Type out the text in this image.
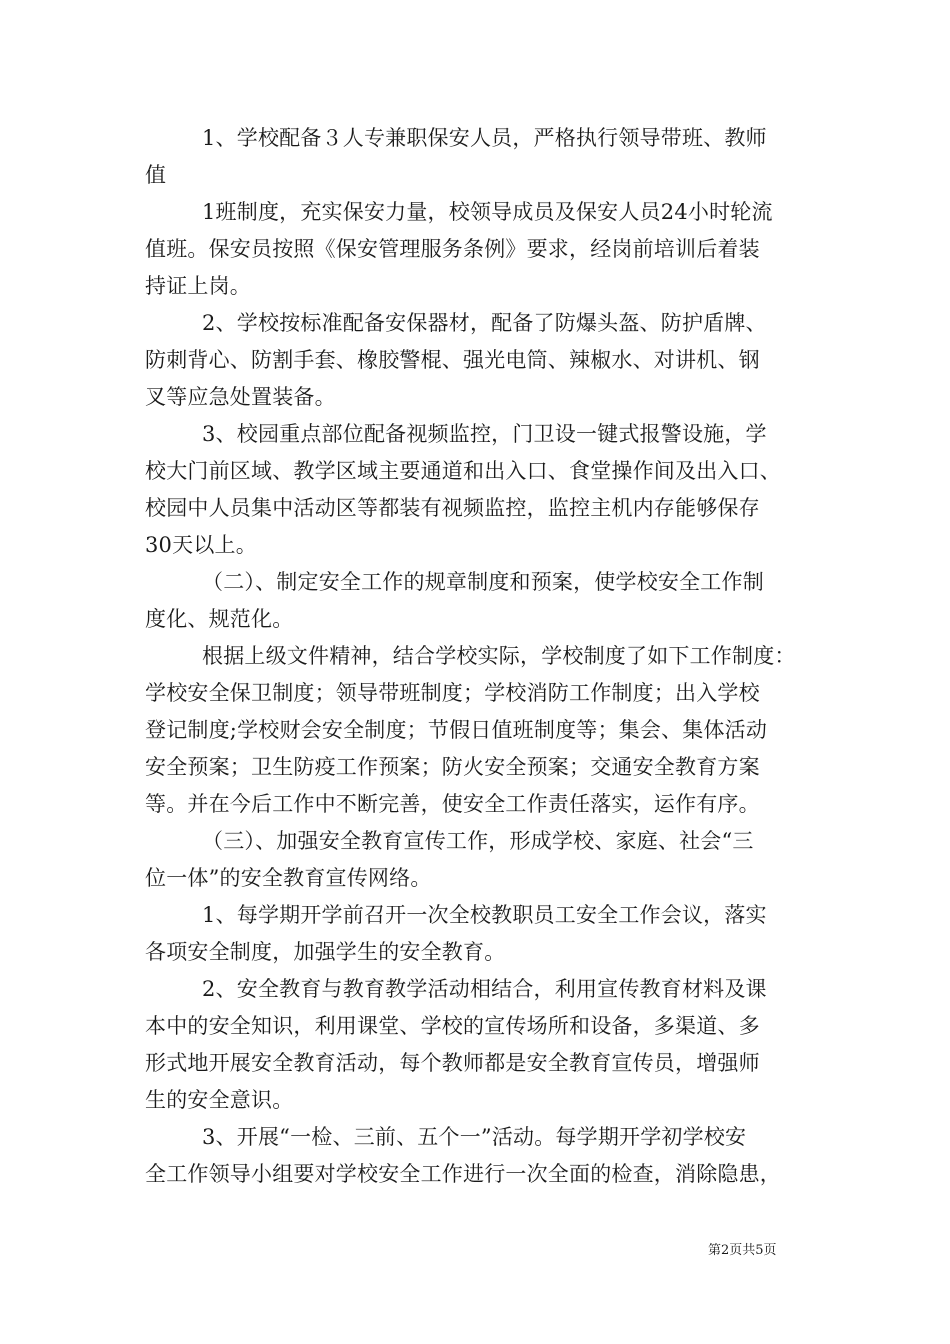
1、学校配备３人专兼职保安人员，严格执行领导带班、教师
值
1班制度，充实保安力量，校领导成员及保安人员24小时轮流
值班。保安员按照《保安管理服务条例》要求，经岗前培训后着装
持证上岗。
2、学校按标准配备安保器材，配备了防爆头盔、防护盾牌、
防刺背心、防割手套、橡胶警棍、强光电筒、辣椒水、对讲机、钢
叉等应急处置装备。
3、校园重点部位配备视频监控，门卫设一键式报警设施，学
校大门前区域、教学区域主要通道和出入口、食堂操作间及出入口、
校园中人员集中活动区等都装有视频监控，监控主机内存能够保存
30天以上。
（二）、制定安全工作的规章制度和预案，使学校安全工作制
度化、规范化。
根据上级文件精神，结合学校实际，学校制度了如下工作制度：
学校安全保卫制度；领导带班制度；学校消防工作制度；出入学校
登记制度;学校财会安全制度；节假日值班制度等；集会、集体活动
安全预案；卫生防疫工作预案；防火安全预案；交通安全教育方案
等。并在今后工作中不断完善，使安全工作责任落实，运作有序。
（三）、加强安全教育宣传工作，形成学校、家庭、社会“三
位一体”的安全教育宣传网络。
1、每学期开学前召开一次全校教职员工安全工作会议，落实
各项安全制度，加强学生的安全教育。
2、安全教育与教育教学活动相结合，利用宣传教育材料及课
本中的安全知识，利用课堂、学校的宣传场所和设备，多渠道、多
形式地开展安全教育活动，每个教师都是安全教育宣传员，增强师
生的安全意识。
3、开展“一检、三前、五个一”活动。每学期开学初学校安
全工作领导小组要对学校安全工作进行一次全面的检查，消除隐患，
第2页共5页
